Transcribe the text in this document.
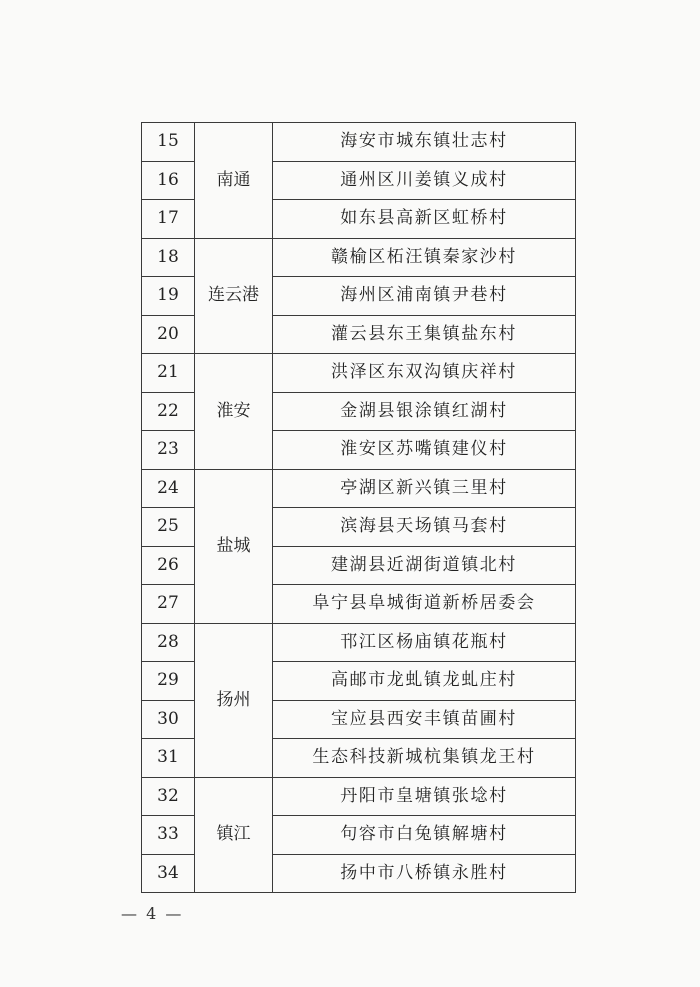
15	南通	海安市城东镇壮志村
16		通州区川姜镇义成村
17		如东县高新区虹桥村
18	连云港	赣榆区柘汪镇秦家沙村
19		海州区浦南镇尹巷村
20		灌云县东王集镇盐东村
21	淮安	洪泽区东双沟镇庆祥村
22		金湖县银涂镇红湖村
23		淮安区苏嘴镇建仪村
24	盐城	亭湖区新兴镇三里村
25		滨海县天场镇马套村
26		建湖县近湖街道镇北村
27		阜宁县阜城街道新桥居委会
28	扬州	邗江区杨庙镇花瓶村
29		高邮市龙虬镇龙虬庄村
30		宝应县西安丰镇苗圃村
31		生态科技新城杭集镇龙王村
32	镇江	丹阳市皇塘镇张埝村
33		句容市白兔镇解塘村
34		扬中市八桥镇永胜村
— 4 —
